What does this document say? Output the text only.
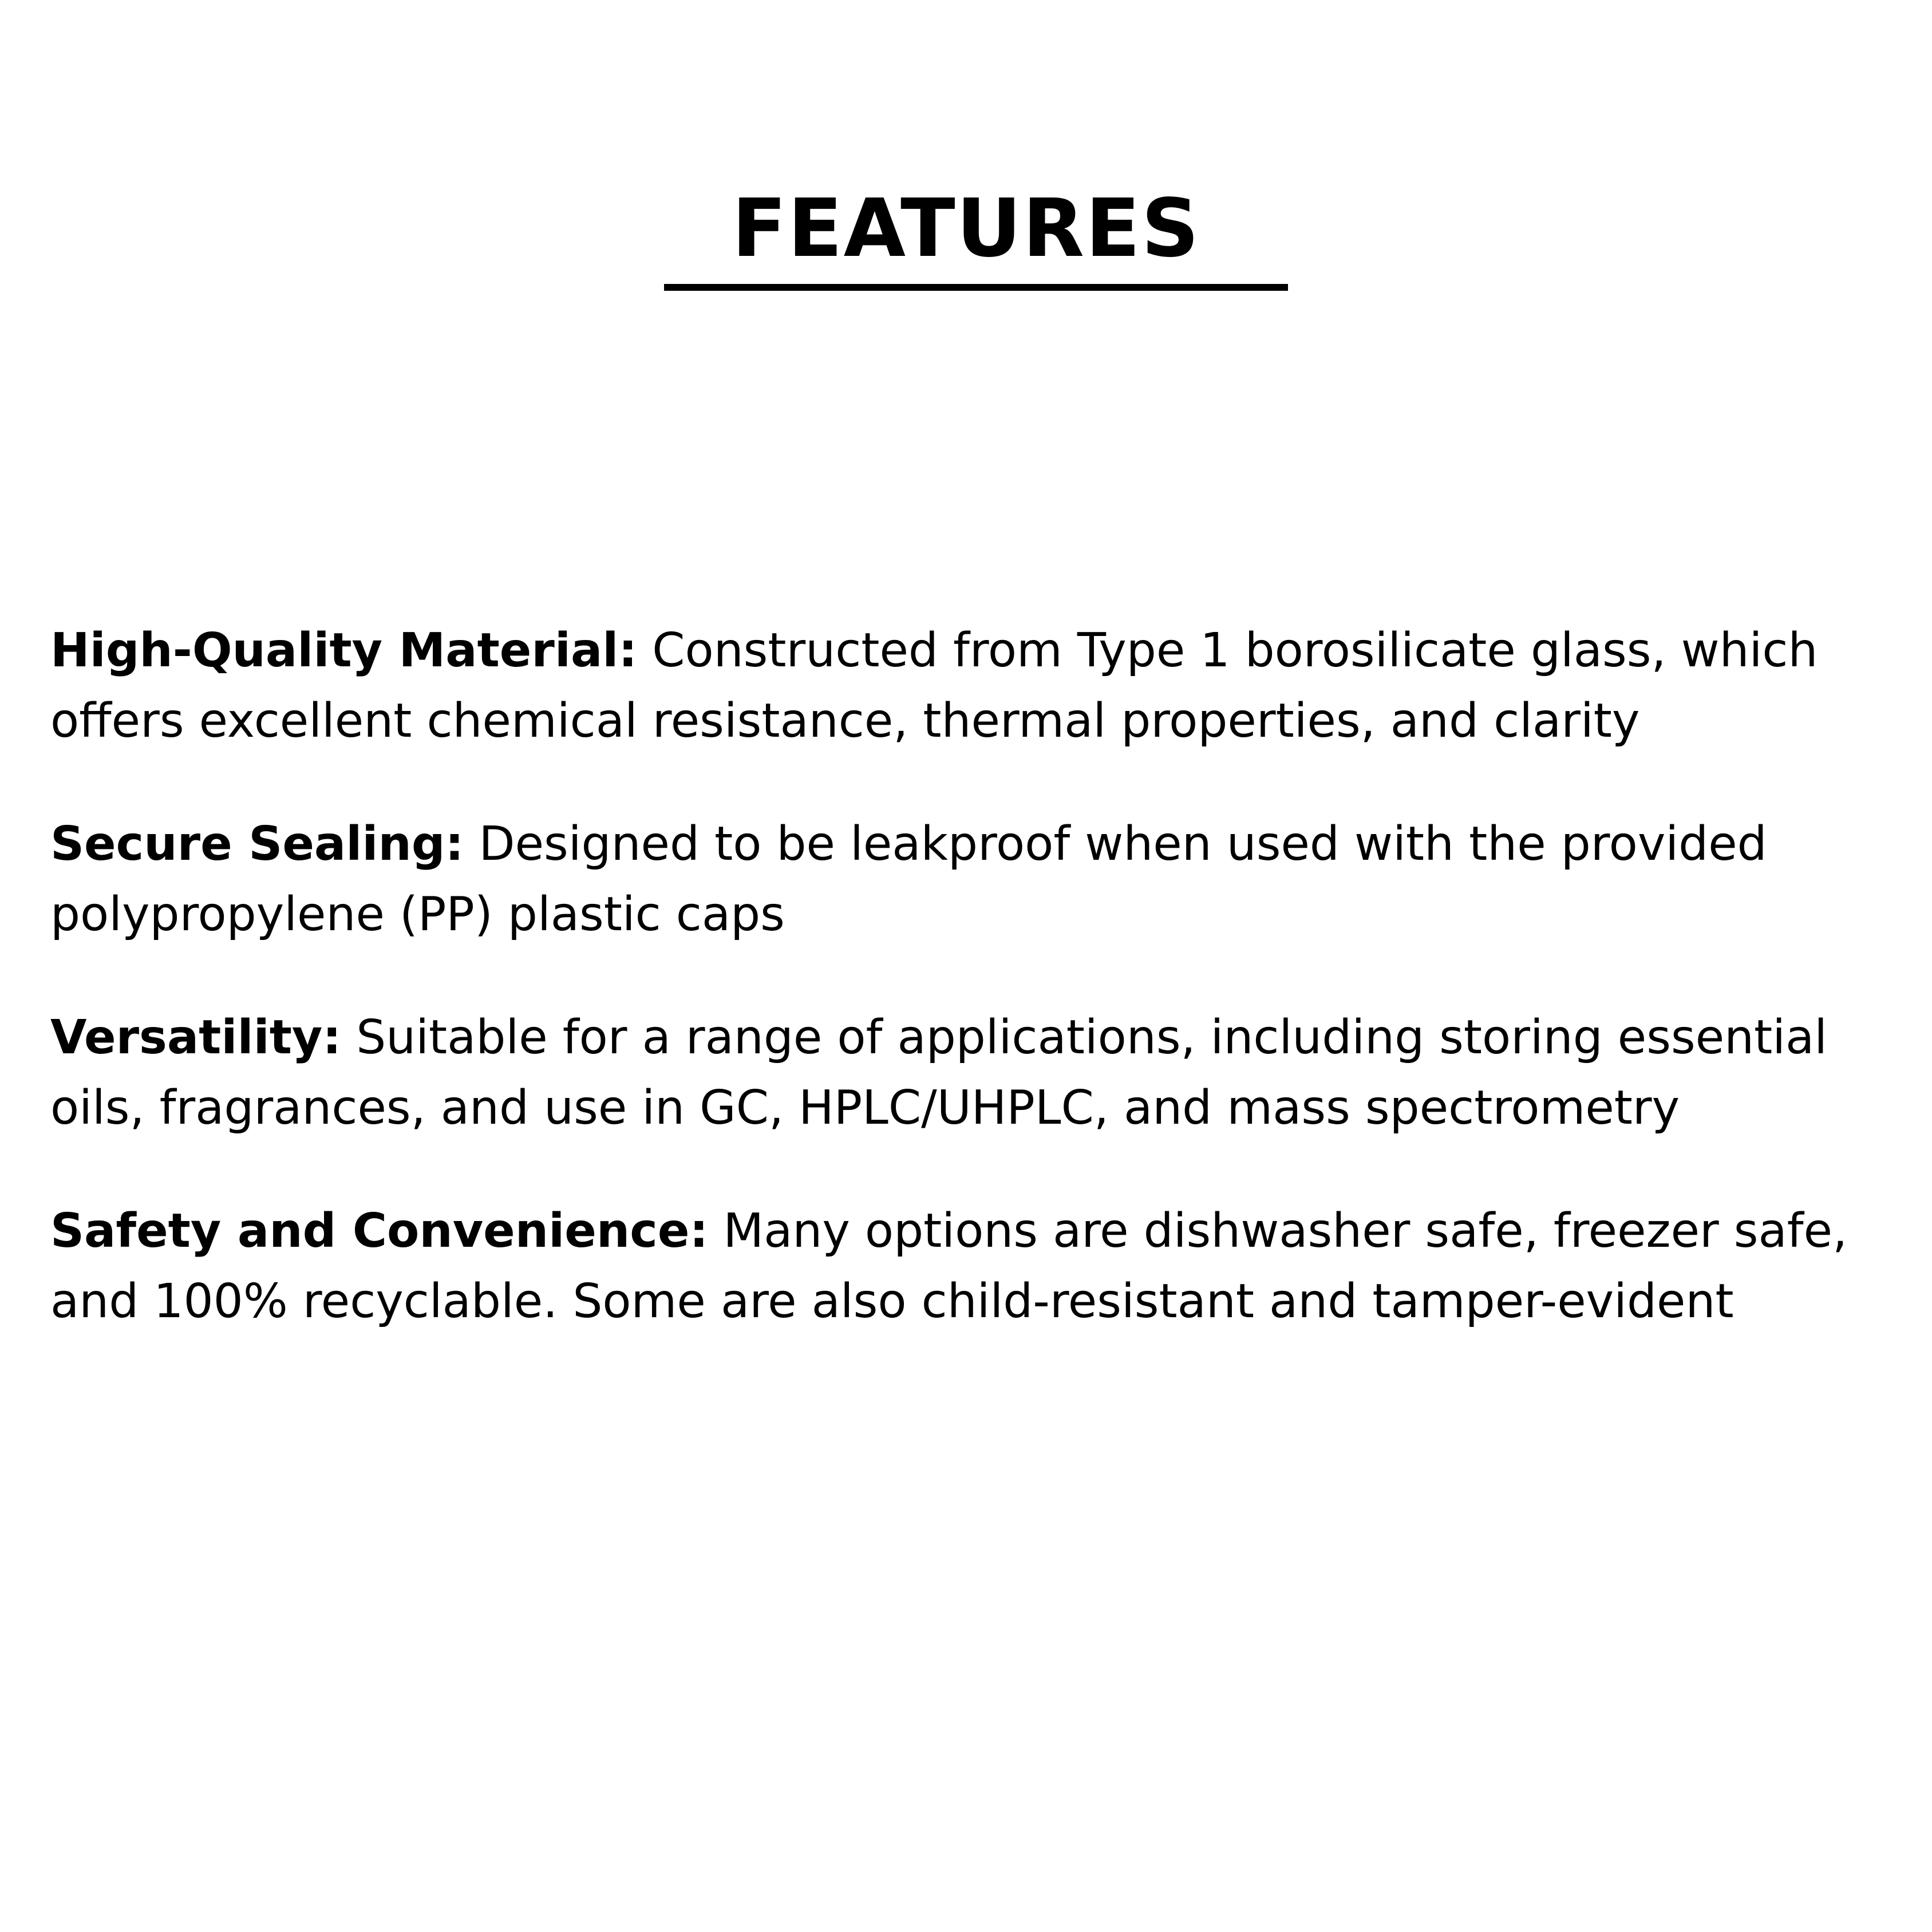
FEATURES

High-Quality Material: Constructed from Type 1 borosilicate glass, which offers excellent chemical resistance, thermal properties, and clarity

Secure Sealing: Designed to be leakproof when used with the provided polypropylene (PP) plastic caps

Versatility: Suitable for a range of applications, including storing essential oils, fragrances, and use in GC, HPLC/UHPLC, and mass spectrometry

Safety and Convenience: Many options are dishwasher safe, freezer safe, and 100% recyclable. Some are also child-resistant and tamper-evident
